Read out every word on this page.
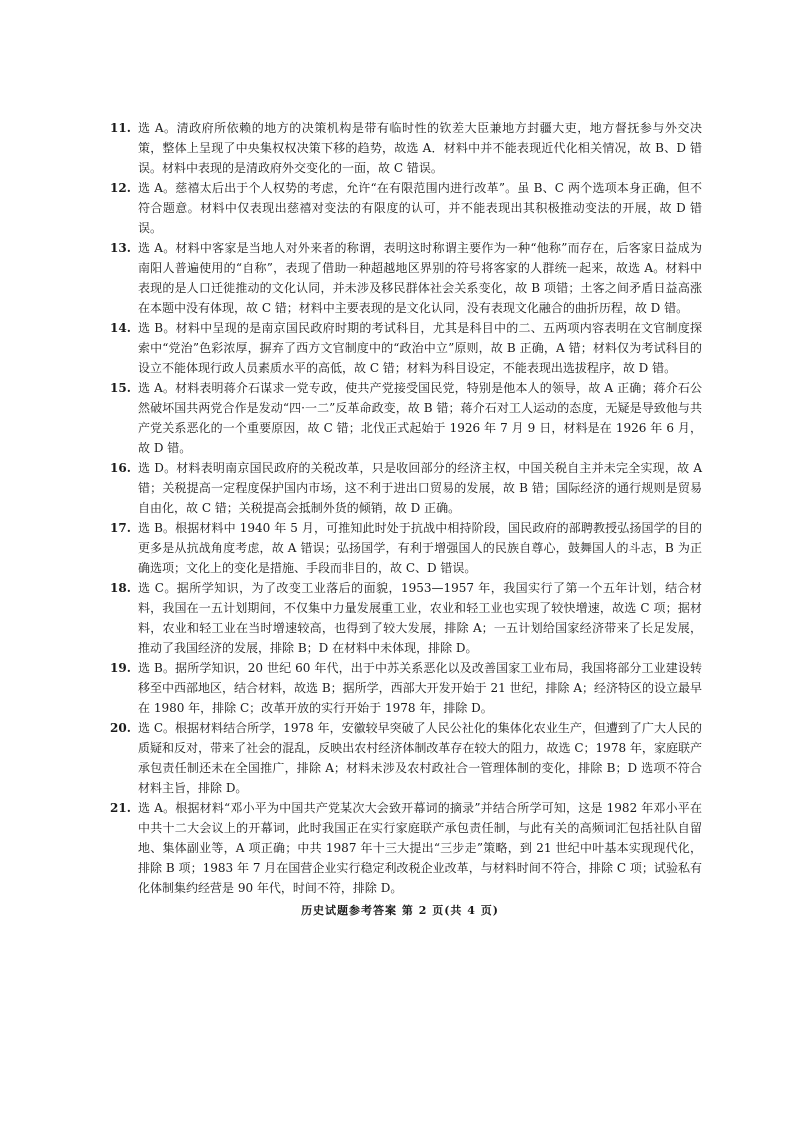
11. 选 A。清政府所依赖的地方的决策机构是带有临时性的钦差大臣兼地方封疆大吏，地方督抚参与外交决策，整体上呈现了中央集权权决策下移的趋势，故选 A．材料中并不能表现近代化相关情况，故 B、D 错误。材料中表现的是清政府外交变化的一面，故 C 错误。
12. 选 A。慈禧太后出于个人权势的考虑，允许“在有限范围内进行改革”。虽 B、C 两个选项本身正确，但不符合题意。材料中仅表现出慈禧对变法的有限度的认可，并不能表现出其积极推动变法的开展，故 D 错误。
13. 选 A。材料中客家是当地人对外来者的称谓，表明这时称谓主要作为一种“他称”而存在，后客家日益成为南阳人普遍使用的“自称”，表现了借助一种超越地区界别的符号将客家的人群统一起来，故选 A。材料中表现的是人口迁徙推动的文化认同，并未涉及移民群体社会关系变化，故 B 项错；土客之间矛盾日益高涨在本题中没有体现，故 C 错；材料中主要表现的是文化认同，没有表现文化融合的曲折历程，故 D 错。
14. 选 B。材料中呈现的是南京国民政府时期的考试科目，尤其是科目中的二、五两项内容表明在文官制度探索中“党治”色彩浓厚，摒弃了西方文官制度中的“政治中立”原则，故 B 正确，A 错；材料仅为考试科目的设立不能体现行政人员素质水平的高低，故 C 错；材料为科目设定，不能表现出选拔程序，故 D 错。
15. 选 A。材料表明蒋介石谋求一党专政，使共产党接受国民党，特别是他本人的领导，故 A 正确；蒋介石公然破坏国共两党合作是发动“四·一二”反革命政变，故 B 错；蒋介石对工人运动的态度，无疑是导致他与共产党关系恶化的一个重要原因，故 C 错；北伐正式起始于 1926 年 7 月 9 日，材料是在 1926 年 6 月，故 D 错。
16. 选 D。材料表明南京国民政府的关税改革，只是收回部分的经济主权，中国关税自主并未完全实现，故 A 错；关税提高一定程度保护国内市场，这不利于进出口贸易的发展，故 B 错；国际经济的通行规则是贸易自由化，故 C 错；关税提高会抵制外货的倾销，故 D 正确。
17. 选 B。根据材料中 1940 年 5 月，可推知此时处于抗战中相持阶段，国民政府的部聘教授弘扬国学的目的更多是从抗战角度考虑，故 A 错误；弘扬国学，有利于增强国人的民族自尊心，鼓舞国人的斗志，B 为正确选项；文化上的变化是措施、手段而非目的，故 C、D 错误。
18. 选 C。据所学知识，为了改变工业落后的面貌，1953—1957 年，我国实行了第一个五年计划，结合材料，我国在一五计划期间，不仅集中力量发展重工业，农业和轻工业也实现了较快增速，故选 C 项；据材料，农业和轻工业在当时增速较高，也得到了较大发展，排除 A；一五计划给国家经济带来了长足发展，推动了我国经济的发展，排除 B；D 在材料中未体现，排除 D。
19. 选 B。据所学知识，20 世纪 60 年代，出于中苏关系恶化以及改善国家工业布局，我国将部分工业建设转移至中西部地区，结合材料，故选 B；据所学，西部大开发开始于 21 世纪，排除 A；经济特区的设立最早在 1980 年，排除 C；改革开放的实行开始于 1978 年，排除 D。
20. 选 C。根据材料结合所学，1978 年，安徽较早突破了人民公社化的集体化农业生产，但遭到了广大人民的质疑和反对，带来了社会的混乱，反映出农村经济体制改革存在较大的阻力，故选 C；1978 年，家庭联产承包责任制还未在全国推广，排除 A；材料未涉及农村政社合一管理体制的变化，排除 B；D 选项不符合材料主旨，排除 D。
21. 选 A。根据材料“邓小平为中国共产党某次大会致开幕词的摘录”并结合所学可知，这是 1982 年邓小平在中共十二大会议上的开幕词，此时我国正在实行家庭联产承包责任制，与此有关的高频词汇包括社队自留地、集体副业等，A 项正确；中共 1987 年十三大提出“三步走”策略，到 21 世纪中叶基本实现现代化，排除 B 项；1983 年 7 月在国营企业实行稳定利改税企业改革，与材料时间不符合，排除 C 项；试验私有化体制集约经营是 90 年代，时间不符，排除 D。
历史试题参考答案 第 2 页(共 4 页)
